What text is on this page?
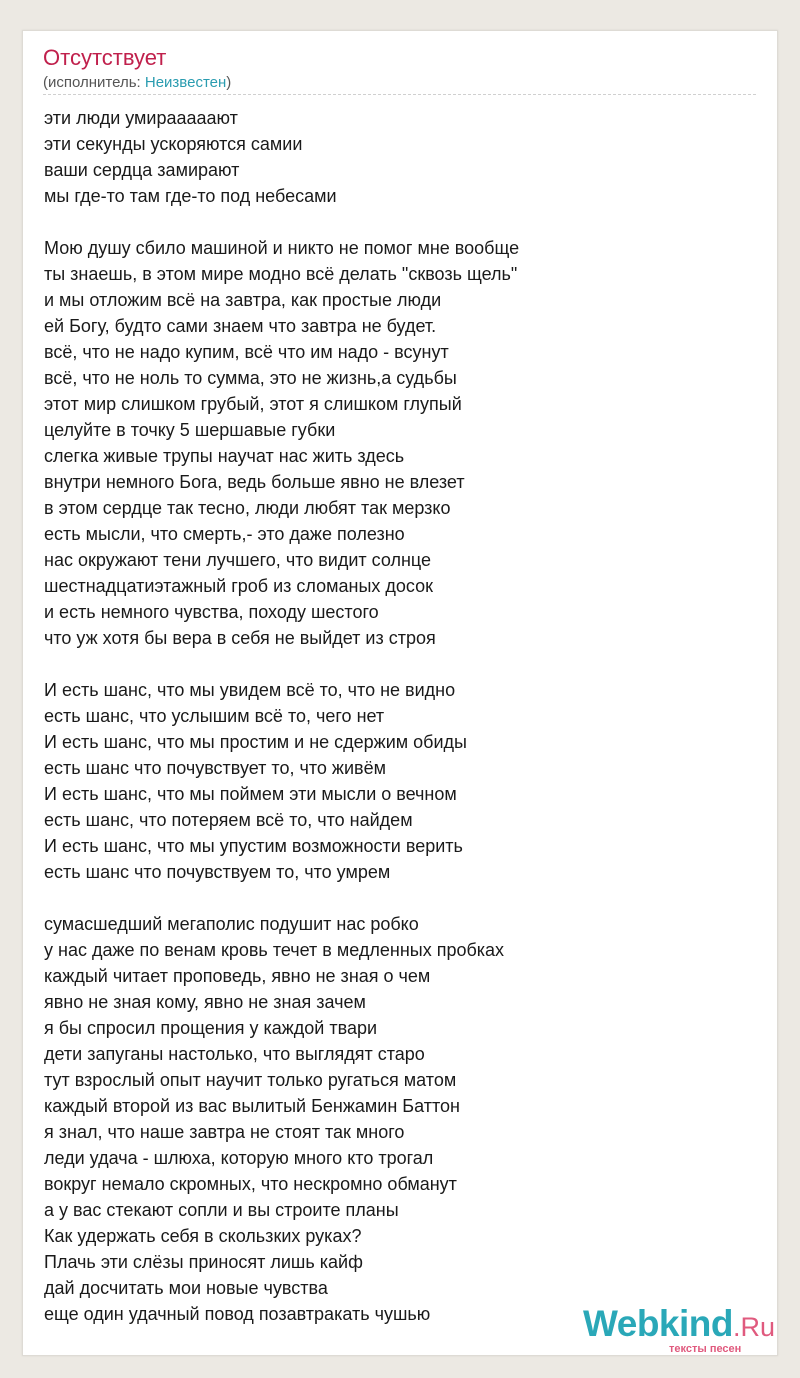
Отсутствует
(исполнитель: Неизвестен)
эти люди умирааааают
эти секунды ускоряются самии
ваши сердца замирают
мы где-то там где-то под небесами
Мою душу сбило машиной и никто не помог мне вообще
ты знаешь, в этом мире модно всё делать "сквозь щель"
и мы отложим всё на завтра, как простые люди
ей Богу, будто сами знаем что завтра не будет.
всё, что не надо купим, всё что им надо - всунут
всё, что не ноль то сумма, это не жизнь,а судьбы
этот мир слишком грубый, этот я слишком глупый
целуйте в точку 5 шершавые губки
слегка живые трупы научат нас жить здесь
внутри немного Бога, ведь больше явно не влезет
в этом сердце так тесно, люди любят так мерзко
есть мысли, что смерть,- это даже полезно
нас окружают тени лучшего, что видит солнце
шестнадцатиэтажный гроб из сломаных досок
и есть немного чувства, походу шестого
что уж хотя бы вера в себя не выйдет из строя
И есть шанс, что мы увидем всё то, что не видно
есть шанс, что услышим всё то, чего нет
И есть шанс, что мы простим и не сдержим обиды
есть шанс что почувствует то, что живём
И есть шанс, что мы поймем эти мысли о вечном
есть шанс, что потеряем всё то, что найдем
И есть шанс, что мы упустим возможности верить
есть шанс что почувствуем то, что умрем
сумасшедший мегаполис подушит нас робко
у нас даже по венам кровь течет в медленных пробках
каждый читает проповедь, явно не зная о чем
явно не зная кому, явно не зная зачем
я бы спросил прощения у каждой твари
дети запуганы настолько, что выглядят старо
тут взрослый опыт научит только ругаться матом
каждый второй из вас вылитый Бенжамин Баттон
я знал, что наше завтра не стоят так много
леди удача - шлюха, которую много кто трогал
вокруг немало скромных, что нескромно обманут
а у вас стекают сопли и вы строите планы
Как удержать себя в скользких руках?
Плачь эти слёзы приносят лишь кайф
дай досчитать мои новые чувства
еще один удачный повод позавтракать чушью	Webkind.Ru
тексты песен
